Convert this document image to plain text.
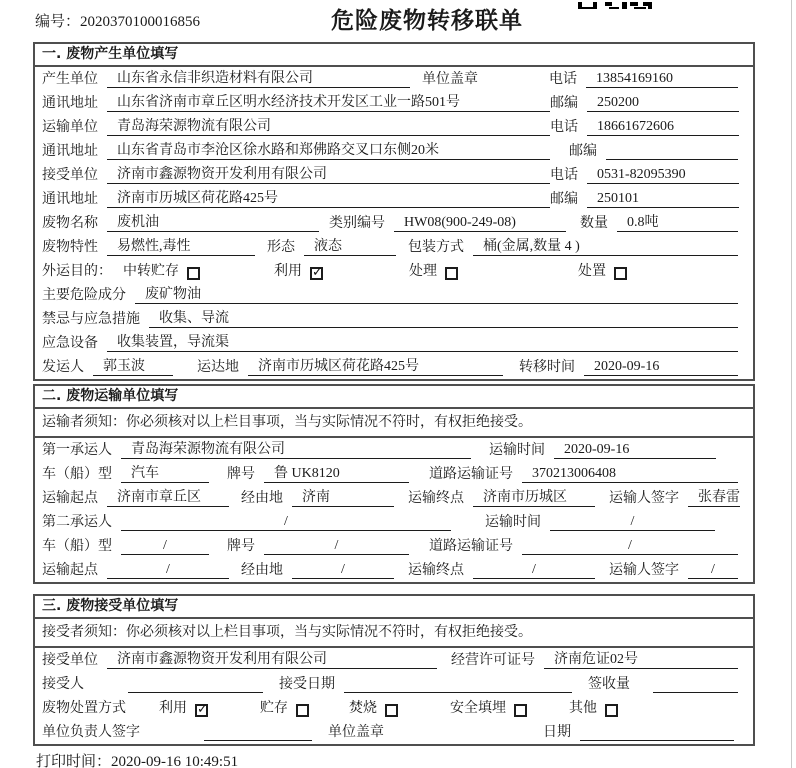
编号：2020370100016856	危险废物转移联单
一. 废物产生单位填写
产生单位	山东省永信非织造材料有限公司	单位盖章	电话	13854169160
通讯地址	山东省济南市章丘区明水经济技术开发区工业一路501号	邮编	250200
运输单位	青岛海荣源物流有限公司	电话	18661672606
通讯地址	山东省青岛市李沧区徐水路和郑佛路交叉口东侧20米	邮编
接受单位	济南市鑫源物资开发利用有限公司	电话	0531-82095390
通讯地址	济南市历城区荷花路425号	邮编	250101
废物名称	废机油	类别编号	HW08(900-249-08)	数量	0.8吨
废物特性	易燃性,毒性	形态	液态	包装方式	桶(金属,数量 4 )
外运目的： 中转贮存	利用 ✓	处理	处置
主要危险成分	废矿物油
禁忌与应急措施	收集、导流
应急设备	收集装置，导流渠
发运人	郭玉波	运达地	济南市历城区荷花路425号	转移时间	2020-09-16
二. 废物运输单位填写
运输者须知：你必须核对以上栏目事项，当与实际情况不符时，有权拒绝接受。
第一承运人	青岛海荣源物流有限公司	运输时间	2020-09-16
车（船）型	汽车	牌号	鲁 UK8120	道路运输证号	370213006408
运输起点	济南市章丘区	经由地	济南	运输终点	济南市历城区	运输人签字	张春雷
第二承运人	/	运输时间	/
车（船）型	/	牌号	/	道路运输证号	/
运输起点	/	经由地	/	运输终点	/	运输人签字	/
三. 废物接受单位填写
接受者须知：你必须核对以上栏目事项，当与实际情况不符时，有权拒绝接受。
接受单位	济南市鑫源物资开发利用有限公司	经营许可证号	济南危证02号
接受人	接受日期	签收量
废物处置方式 利用 ✓	贮存	焚烧	安全填埋	其他
单位负责人签字	单位盖章	日期
打印时间：2020-09-16 10:49:51
